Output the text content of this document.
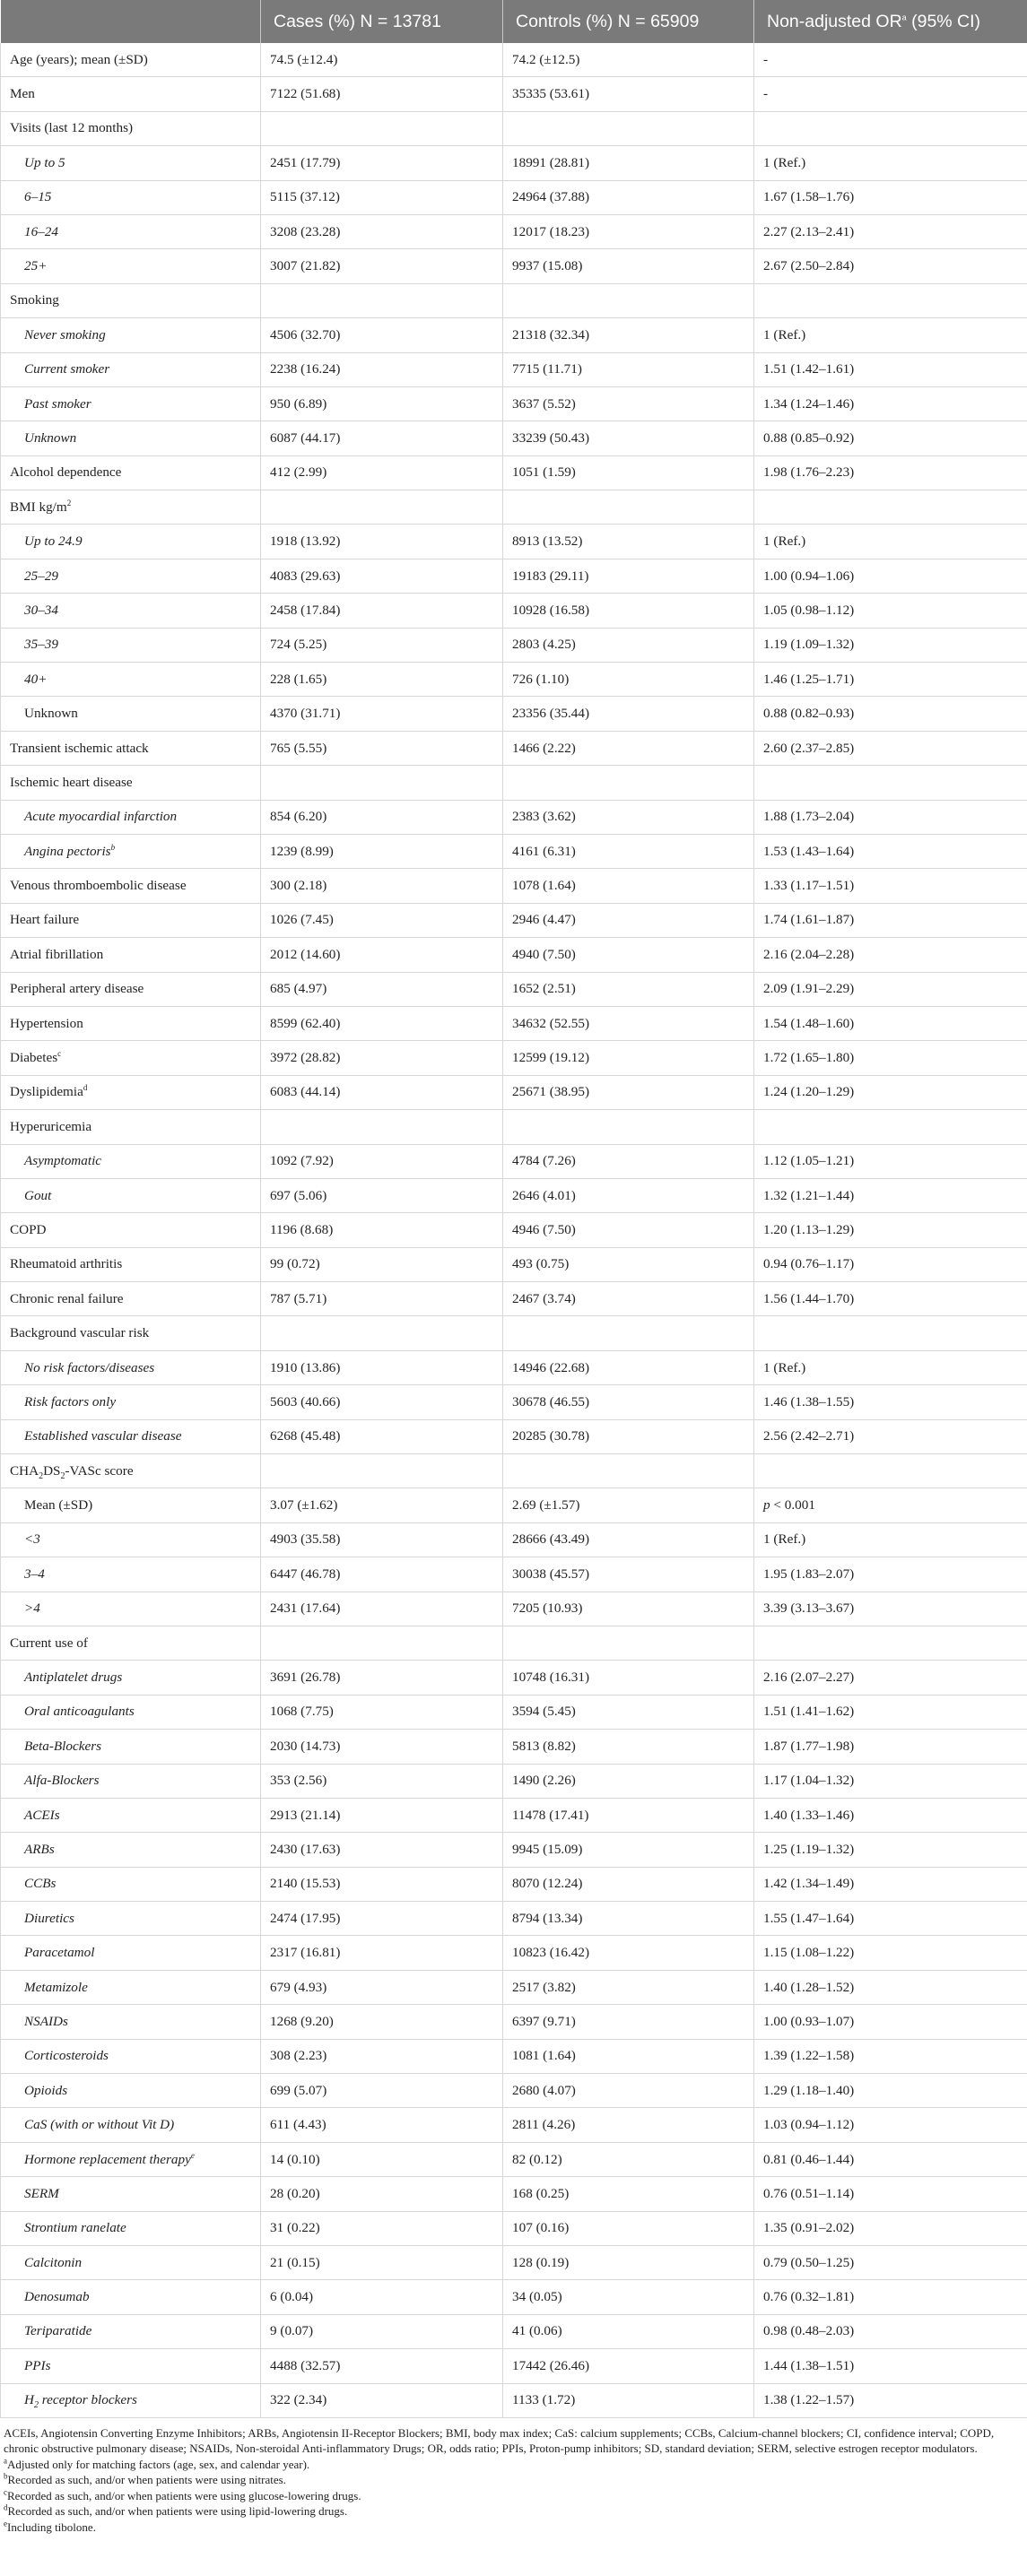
	Cases (%) N = 13781	Controls (%) N = 65909	Non-adjusted $OR^a$ (95% CI)
Age (years); mean (±SD)	74.5 (±12.4)	74.2 (±12.5)	-
Men	7122 (51.68)	35335 (53.61)	-
Visits (last 12 months)			
Up to 5	2451 (17.79)	18991 (28.81)	1 (Ref.)
6–15	5115 (37.12)	24964 (37.88)	1.67 (1.58–1.76)
16–24	3208 (23.28)	12017 (18.23)	2.27 (2.13–2.41)
25+	3007 (21.82)	9937 (15.08)	2.67 (2.50–2.84)
Smoking			
Never smoking	4506 (32.70)	21318 (32.34)	1 (Ref.)
Current smoker	2238 (16.24)	7715 (11.71)	1.51 (1.42–1.61)
Past smoker	950 (6.89)	3637 (5.52)	1.34 (1.24–1.46)
Unknown	6087 (44.17)	33239 (50.43)	0.88 (0.85–0.92)
Alcohol dependence	412 (2.99)	1051 (1.59)	1.98 (1.76–2.23)
BMI $kg/m^2$			
Up to 24.9	1918 (13.92)	8913 (13.52)	1 (Ref.)
25–29	4083 (29.63)	19183 (29.11)	1.00 (0.94–1.06)
30–34	2458 (17.84)	10928 (16.58)	1.05 (0.98–1.12)
35–39	724 (5.25)	2803 (4.25)	1.19 (1.09–1.32)
40+	228 (1.65)	726 (1.10)	1.46 (1.25–1.71)
Unknown	4370 (31.71)	23356 (35.44)	0.88 (0.82–0.93)
Transient ischemic attack	765 (5.55)	1466 (2.22)	2.60 (2.37–2.85)
Ischemic heart disease			
Acute myocardial infarction	854 (6.20)	2383 (3.62)	1.88 (1.73–2.04)
Angina pectoris$^b$	1239 (8.99)	4161 (6.31)	1.53 (1.43–1.64)
Venous thromboembolic disease	300 (2.18)	1078 (1.64)	1.33 (1.17–1.51)
Heart failure	1026 (7.45)	2946 (4.47)	1.74 (1.61–1.87)
Atrial fibrillation	2012 (14.60)	4940 (7.50)	2.16 (2.04–2.28)
Peripheral artery disease	685 (4.97)	1652 (2.51)	2.09 (1.91–2.29)
Hypertension	8599 (62.40)	34632 (52.55)	1.54 (1.48–1.60)
Diabetes$^c$	3972 (28.82)	12599 (19.12)	1.72 (1.65–1.80)
Dyslipidemia$^d$	6083 (44.14)	25671 (38.95)	1.24 (1.20–1.29)
Hyperuricemia			
Asymptomatic	1092 (7.92)	4784 (7.26)	1.12 (1.05–1.21)
Gout	697 (5.06)	2646 (4.01)	1.32 (1.21–1.44)
COPD	1196 (8.68)	4946 (7.50)	1.20 (1.13–1.29)
Rheumatoid arthritis	99 (0.72)	493 (0.75)	0.94 (0.76–1.17)
Chronic renal failure	787 (5.71)	2467 (3.74)	1.56 (1.44–1.70)
Background vascular risk			
No risk factors/diseases	1910 (13.86)	14946 (22.68)	1 (Ref.)
Risk factors only	5603 (40.66)	30678 (46.55)	1.46 (1.38–1.55)
Established vascular disease	6268 (45.48)	20285 (30.78)	2.56 (2.42–2.71)
$CHA_2DS_2$-VASc score			
Mean (±SD)	3.07 (±1.62)	2.69 (±1.57)	p < 0.001
<3	4903 (35.58)	28666 (43.49)	1 (Ref.)
3–4	6447 (46.78)	30038 (45.57)	1.95 (1.83–2.07)
>4	2431 (17.64)	7205 (10.93)	3.39 (3.13–3.67)
Current use of			
Antiplatelet drugs	3691 (26.78)	10748 (16.31)	2.16 (2.07–2.27)
Oral anticoagulants	1068 (7.75)	3594 (5.45)	1.51 (1.41–1.62)
Beta-Blockers	2030 (14.73)	5813 (8.82)	1.87 (1.77–1.98)
Alfa-Blockers	353 (2.56)	1490 (2.26)	1.17 (1.04–1.32)
ACEIs	2913 (21.14)	11478 (17.41)	1.40 (1.33–1.46)
ARBs	2430 (17.63)	9945 (15.09)	1.25 (1.19–1.32)
CCBs	2140 (15.53)	8070 (12.24)	1.42 (1.34–1.49)
Diuretics	2474 (17.95)	8794 (13.34)	1.55 (1.47–1.64)
Paracetamol	2317 (16.81)	10823 (16.42)	1.15 (1.08–1.22)
Metamizole	679 (4.93)	2517 (3.82)	1.40 (1.28–1.52)
NSAIDs	1268 (9.20)	6397 (9.71)	1.00 (0.93–1.07)
Corticosteroids	308 (2.23)	1081 (1.64)	1.39 (1.22–1.58)
Opioids	699 (5.07)	2680 (4.07)	1.29 (1.18–1.40)
CaS (with or without Vit D)	611 (4.43)	2811 (4.26)	1.03 (0.94–1.12)
Hormone replacement therapy$^e$	14 (0.10)	82 (0.12)	0.81 (0.46–1.44)
SERM	28 (0.20)	168 (0.25)	0.76 (0.51–1.14)
Strontium ranelate	31 (0.22)	107 (0.16)	1.35 (0.91–2.02)
Calcitonin	21 (0.15)	128 (0.19)	0.79 (0.50–1.25)
Denosumab	6 (0.04)	34 (0.05)	0.76 (0.32–1.81)
Teriparatide	9 (0.07)	41 (0.06)	0.98 (0.48–2.03)
PPIs	4488 (32.57)	17442 (26.46)	1.44 (1.38–1.51)
$H_2$ receptor blockers	322 (2.34)	1133 (1.72)	1.38 (1.22–1.57)

ACEIs, Angiotensin Converting Enzyme Inhibitors; ARBs, Angiotensin II-Receptor Blockers; BMI, body max index; CaS: calcium supplements; CCBs, Calcium-channel blockers; CI, confidence interval; COPD, chronic obstructive pulmonary disease; NSAIDs, Non-steroidal Anti-inflammatory Drugs; OR, odds ratio; PPIs, Proton-pump inhibitors; SD, standard deviation; SERM, selective estrogen receptor modulators.

$^a$Adjusted only for matching factors (age, sex, and calendar year).

$^b$Recorded as such, and/or when patients were using nitrates.

$^c$Recorded as such, and/or when patients were using glucose-lowering drugs.

$^d$Recorded as such, and/or when patients were using lipid-lowering drugs.

$^e$Including tibolone.
